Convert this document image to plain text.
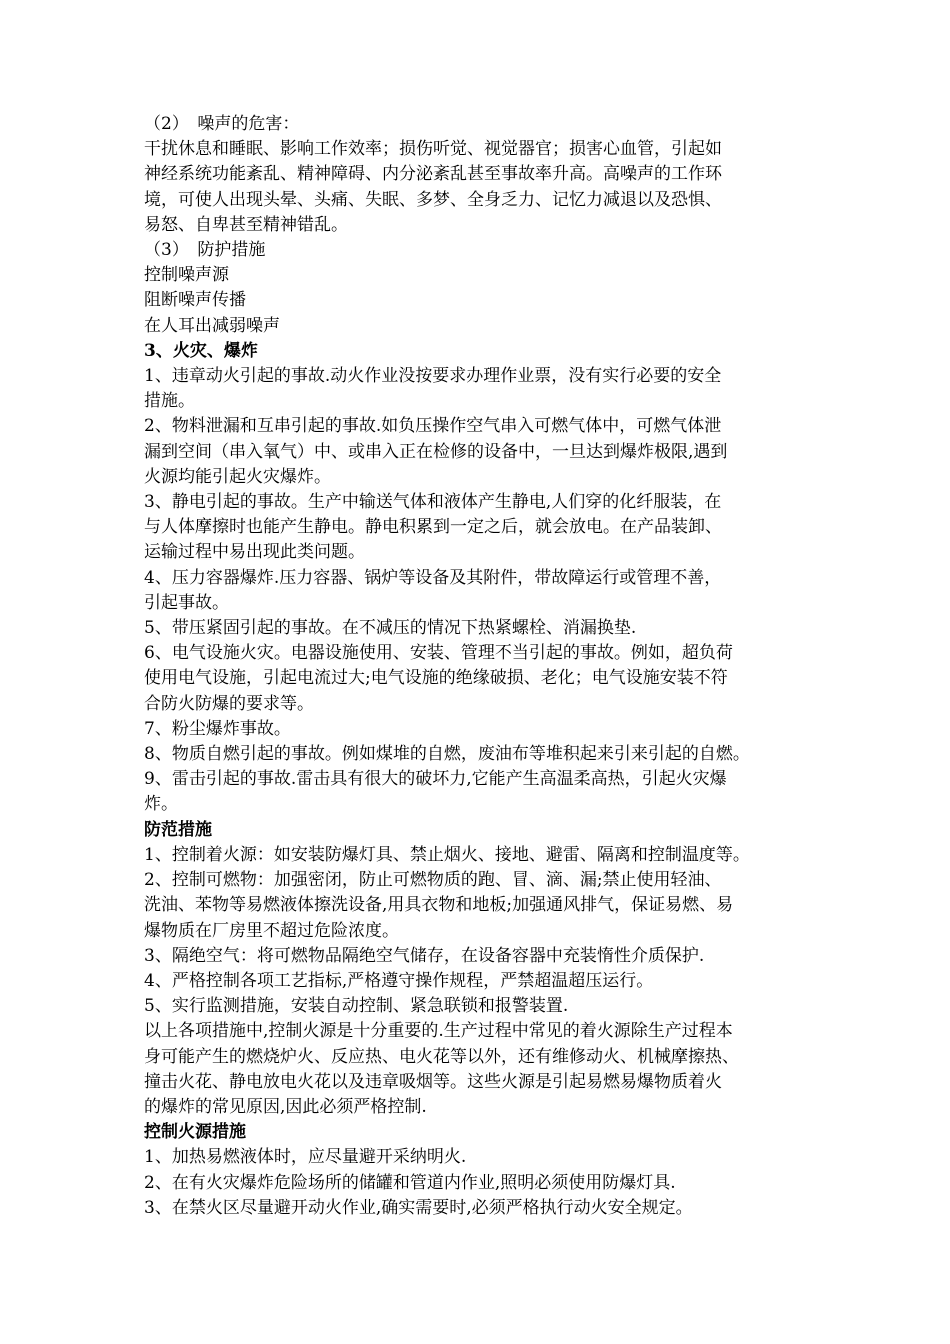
（2）　噪声的危害：
干扰休息和睡眠、影响工作效率；损伤听觉、视觉器官；损害心血管，引起如
神经系统功能紊乱、精神障碍、内分泌紊乱甚至事故率升高。高噪声的工作环
境，可使人出现头晕、头痛、失眠、多梦、全身乏力、记忆力减退以及恐惧、
易怒、自卑甚至精神错乱。
（3）　防护措施
控制噪声源
阻断噪声传播
在人耳出减弱噪声
3、火灾、爆炸
1、违章动火引起的事故.动火作业没按要求办理作业票，没有实行必要的安全
措施。
2、物料泄漏和互串引起的事故.如负压操作空气串入可燃气体中，可燃气体泄
漏到空间（串入氧气）中、或串入正在检修的设备中，一旦达到爆炸极限,遇到
火源均能引起火灾爆炸。
3、静电引起的事故。生产中输送气体和液体产生静电,人们穿的化纤服装，在
与人体摩擦时也能产生静电。静电积累到一定之后，就会放电。在产品装卸、
运输过程中易出现此类问题。
4、压力容器爆炸.压力容器、锅炉等设备及其附件，带故障运行或管理不善，
引起事故。
5、带压紧固引起的事故。在不减压的情况下热紧螺栓、消漏换垫.
6、电气设施火灾。电器设施使用、安装、管理不当引起的事故。例如，超负荷
使用电气设施，引起电流过大;电气设施的绝缘破损、老化；电气设施安装不符
合防火防爆的要求等。
7、粉尘爆炸事故。
8、物质自燃引起的事故。例如煤堆的自燃，废油布等堆积起来引来引起的自燃。
9、雷击引起的事故.雷击具有很大的破坏力,它能产生高温柔高热，引起火灾爆
炸。
防范措施
1、控制着火源：如安装防爆灯具、禁止烟火、接地、避雷、隔离和控制温度等。
2、控制可燃物：加强密闭，防止可燃物质的跑、冒、滴、漏;禁止使用轻油、
洗油、苯物等易燃液体擦洗设备,用具衣物和地板;加强通风排气，保证易燃、易
爆物质在厂房里不超过危险浓度。
3、隔绝空气：将可燃物品隔绝空气储存，在设备容器中充装惰性介质保护.
4、严格控制各项工艺指标,严格遵守操作规程，严禁超温超压运行。
5、实行监测措施，安装自动控制、紧急联锁和报警装置.
以上各项措施中,控制火源是十分重要的.生产过程中常见的着火源除生产过程本
身可能产生的燃烧炉火、反应热、电火花等以外，还有维修动火、机械摩擦热、
撞击火花、静电放电火花以及违章吸烟等。这些火源是引起易燃易爆物质着火
的爆炸的常见原因,因此必须严格控制.
控制火源措施
1、加热易燃液体时，应尽量避开采纳明火.
2、在有火灾爆炸危险场所的储罐和管道内作业,照明必须使用防爆灯具.
3、在禁火区尽量避开动火作业,确实需要时,必须严格执行动火安全规定。
